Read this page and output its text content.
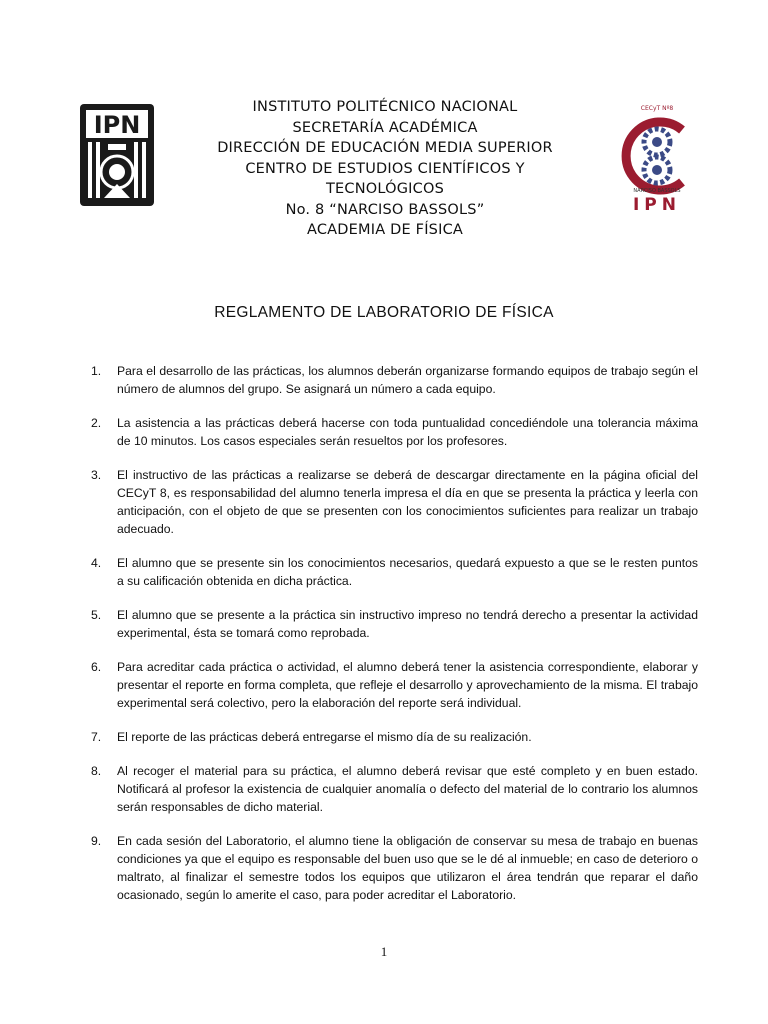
IPN
CECyT Nº8
NARCISO BASSOLS
IPN
INSTITUTO POLITÉCNICO NACIONAL
SECRETARÍA ACADÉMICA
DIRECCIÓN DE EDUCACIÓN MEDIA SUPERIOR
CENTRO DE ESTUDIOS CIENTÍFICOS Y
TECNOLÓGICOS
No. 8 “NARCISO BASSOLS”
ACADEMIA DE FÍSICA
REGLAMENTO DE LABORATORIO DE FÍSICA
1. Para el desarrollo de las prácticas, los alumnos deberán organizarse formando equipos de trabajo según el número de alumnos del grupo. Se asignará un número a cada equipo.
2. La asistencia a las prácticas deberá hacerse con toda puntualidad concediéndole una tolerancia máxima de 10 minutos. Los casos especiales serán resueltos por los profesores.
3. El instructivo de las prácticas a realizarse se deberá de descargar directamente en la página oficial del CECyT 8, es responsabilidad del alumno tenerla impresa el día en que se presenta la práctica y leerla con anticipación, con el objeto de que se presenten con los conocimientos suficientes para realizar un trabajo adecuado.
4. El alumno que se presente sin los conocimientos necesarios, quedará expuesto a que se le resten puntos a su calificación obtenida en dicha práctica.
5. El alumno que se presente a la práctica sin instructivo impreso no tendrá derecho a presentar la actividad experimental, ésta se tomará como reprobada.
6. Para acreditar cada práctica o actividad, el alumno deberá tener la asistencia correspondiente, elaborar y presentar el reporte en forma completa, que refleje el desarrollo y aprovechamiento de la misma. El trabajo experimental será colectivo, pero la elaboración del reporte será individual.
7. El reporte de las prácticas deberá entregarse el mismo día de su realización.
8. Al recoger el material para su práctica, el alumno deberá revisar que esté completo y en buen estado. Notificará al profesor la existencia de cualquier anomalía o defecto del material de lo contrario los alumnos serán responsables de dicho material.
9. En cada sesión del Laboratorio, el alumno tiene la obligación de conservar su mesa de trabajo en buenas condiciones ya que el equipo es responsable del buen uso que se le dé al inmueble; en caso de deterioro o maltrato, al finalizar el semestre todos los equipos que utilizaron el área tendrán que reparar el daño ocasionado, según lo amerite el caso, para poder acreditar el Laboratorio.
1
